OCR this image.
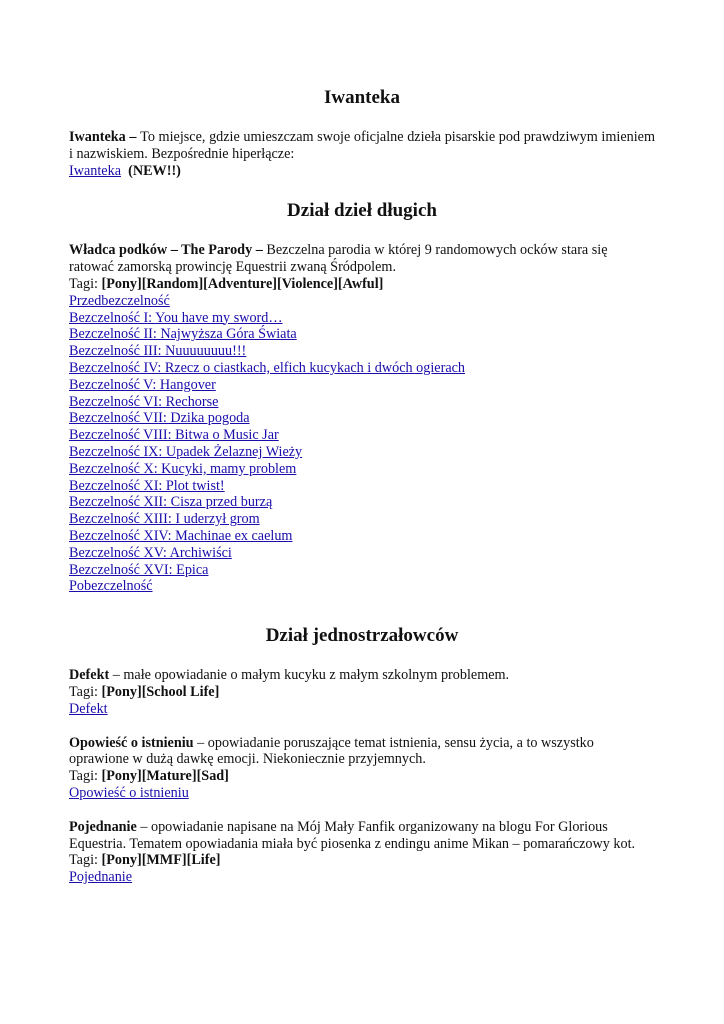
Iwanteka

Iwanteka – To miejsce, gdzie umieszczam swoje oficjalne dzieła pisarskie pod prawdziwym imieniem i nazwiskiem. Bezpośrednie hiperłącze:

Iwanteka (NEW!!)

Dział dzieł długich

Władca podków – The Parody – Bezczelna parodia w której 9 randomowych ocków stara się ratować zamorską prowincję Equestrii zwaną Śródpolem.

Tagi: [Pony][Random][Adventure][Violence][Awful]

Przedbezczelność
Bezczelność I: You have my sword…
Bezczelność II: Najwyższa Góra Świata
Bezczelność III: Nuuuuuuuu!!!
Bezczelność IV: Rzecz o ciastkach, elfich kucykach i dwóch ogierach
Bezczelność V: Hangover
Bezczelność VI: Rechorse
Bezczelność VII: Dzika pogoda
Bezczelność VIII: Bitwa o Music Jar
Bezczelność IX: Upadek Żelaznej Wieży
Bezczelność X: Kucyki, mamy problem
Bezczelność XI: Plot twist!
Bezczelność XII: Cisza przed burzą
Bezczelność XIII: I uderzył grom
Bezczelność XIV: Machinae ex caelum
Bezczelność XV: Archiwiści
Bezczelność XVI: Epica
Pobezczelność
Dział jednostrzałowców

Defekt – małe opowiadanie o małym kucyku z małym szkolnym problemem.

Tagi: [Pony][School Life]

Defekt

Opowieść o istnieniu – opowiadanie poruszające temat istnienia, sensu życia, a to wszystko oprawione w dużą dawkę emocji. Niekoniecznie przyjemnych.

Tagi: [Pony][Mature][Sad]

Opowieść o istnieniu

Pojednanie – opowiadanie napisane na Mój Mały Fanfik organizowany na blogu For Glorious Equestria. Tematem opowiadania miała być piosenka z endingu anime Mikan – pomarańczowy kot.

Tagi: [Pony][MMF][Life]

Pojednanie
